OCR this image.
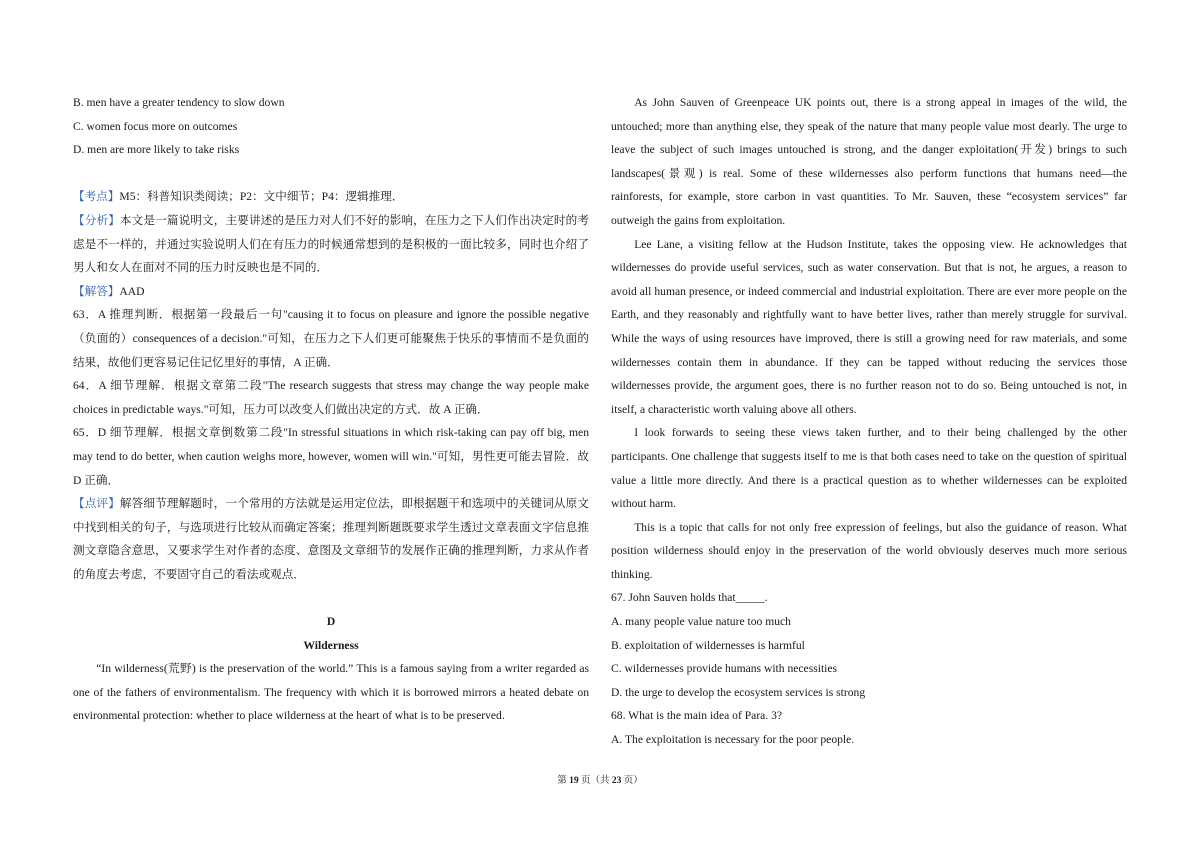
B. men have a greater tendency to slow down
C. women focus more on outcomes
D. men are more likely to take risks

【考点】M5：科普知识类阅读；P2：文中细节；P4：逻辑推理．

【分析】本文是一篇说明文，主要讲述的是压力对人们不好的影响，在压力之下人们作出决定时的考虑是不一样的，并通过实验说明人们在有压力的时候通常想到的是积极的一面比较多，同时也介绍了男人和女人在面对不同的压力时反映也是不同的．

【解答】AAD

63．A 推理判断．根据第一段最后一句"causing it to focus on pleasure and ignore the possible negative（负面的）consequences of a decision."可知，在压力之下人们更可能聚焦于快乐的事情而不是负面的结果，故他们更容易记住记忆里好的事情，A 正确．

64．A 细节理解．根据文章第二段"The research suggests that stress may change the way people make choices in predictable ways."可知，压力可以改变人们做出决定的方式．故 A 正确．

65．D 细节理解．根据文章倒数第二段"In stressful situations in which risk-taking can pay off big, men may tend to do better, when caution weighs more, however, women will win."可知，男性更可能去冒险．故 D 正确．

【点评】解答细节理解题时，一个常用的方法就是运用定位法，即根据题干和选项中的关键词从原文中找到相关的句子，与选项进行比较从而确定答案；推理判断题既要求学生透过文章表面文字信息推测文章隐含意思，又要求学生对作者的态度、意图及文章细节的发展作正确的推理判断，力求从作者的角度去考虑，不要固守自己的看法或观点．

D
Wilderness

“In wilderness(荒野) is the preservation of the world.” This is a famous saying from a writer regarded as one of the fathers of environmentalism. The frequency with which it is borrowed mirrors a heated debate on environmental protection: whether to place wilderness at the heart of what is to be preserved.

As John Sauven of Greenpeace UK points out, there is a strong appeal in images of the wild, the untouched; more than anything else, they speak of the nature that many people value most dearly. The urge to leave the subject of such images untouched is strong, and the danger exploitation(开发) brings to such landscapes(景观) is real. Some of these wildernesses also perform functions that humans need—the rainforests, for example, store carbon in vast quantities. To Mr. Sauven, these “ecosystem services” far outweigh the gains from exploitation.

Lee Lane, a visiting fellow at the Hudson Institute, takes the opposing view. He acknowledges that wildernesses do provide useful services, such as water conservation. But that is not, he argues, a reason to avoid all human presence, or indeed commercial and industrial exploitation. There are ever more people on the Earth, and they reasonably and rightfully want to have better lives, rather than merely struggle for survival. While the ways of using resources have improved, there is still a growing need for raw materials, and some wildernesses contain them in abundance. If they can be tapped without reducing the services those wildernesses provide, the argument goes, there is no further reason not to do so. Being untouched is not, in itself, a characteristic worth valuing above all others.

I look forwards to seeing these views taken further, and to their being challenged by the other participants. One challenge that suggests itself to me is that both cases need to take on the question of spiritual value a little more directly. And there is a practical question as to whether wildernesses can be exploited without harm.

This is a topic that calls for not only free expression of feelings, but also the guidance of reason. What position wilderness should enjoy in the preservation of the world obviously deserves much more serious thinking.

67. John Sauven holds that_____.
A. many people value nature too much
B. exploitation of wildernesses is harmful
C. wildernesses provide humans with necessities
D. the urge to develop the ecosystem services is strong
68. What is the main idea of Para. 3?
A. The exploitation is necessary for the poor people.
第 19 页（共 23 页）
